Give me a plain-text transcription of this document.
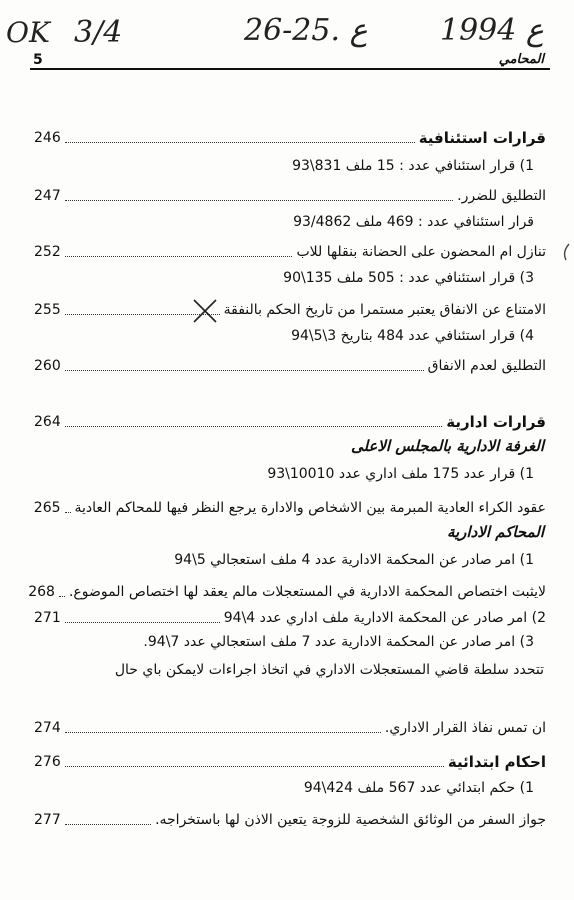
OK 3/4	26-25. ع 1994 ع
5	المحامي
قرارات استئنافية
246
1) قرار استئنافي عدد : 15 ملف 831\93
التطليق للضرر.
247
قرار استئنافي عدد : 469 ملف 93/4862
تنازل ام المحضون على الحضانة بنقلها للاب
252
3) قرار استئنافي عدد : 505 ملف 135\90
الامتناع عن الانفاق يعتبر مستمرا من تاريخ الحكم بالنفقة
255
4) قرار استئنافي عدد 484 بتاريخ 3\5\94
التطليق لعدم الانفاق
260
قرارات ادارية
264
الغرفة الادارية بالمجلس الاعلى
1) قرار عدد 175 ملف اداري عدد 10010\93
عقود الكراء العادية المبرمة بين الاشخاص والادارة يرجع النظر فيها للمحاكم العادية
265
المحاكم الادارية
1) امر صادر عن المحكمة الادارية عدد 4 ملف استعجالي 5\94
لايثبت اختصاص المحكمة الادارية في المستعجلات مالم يعقد لها اختصاص الموضوع.
268
2) امر صادر عن المحكمة الادارية ملف اداري عدد 4\94
271
3) امر صادر عن المحكمة الادارية عدد 7 ملف استعجالي عدد 7\94.
تتحدد سلطة قاضي المستعجلات الاداري في اتخاذ اجراءات لايمكن باي حال
ان تمس نفاذ القرار الاداري.
274
احكام ابتدائية
276
1) حكم ابتدائي عدد 567 ملف 424\94
جواز السفر من الوثائق الشخصية للزوجة يتعين الاذن لها باستخراجه.
277
